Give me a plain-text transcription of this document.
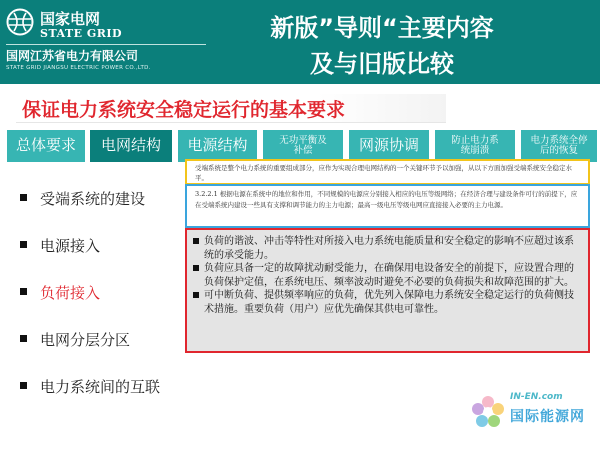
国家电网
STATE GRID
国网江苏省电力有限公司
STATE GRID JIANGSU ELECTRIC POWER CO.,LTD.
新版”导则“主要内容
及与旧版比较
保证电力系统安全稳定运行的基本要求
总体要求	电网结构	电源结构	无功平衡及补偿	网源协调	防止电力系统崩溃
电力系统全停后的恢复
受端系统的建设
电源接入
负荷接入
电网分层分区
电力系统间的互联
受端系统是整个电力系统的重要组成部分，应作为实现合理电网结构的一个关键环节予以加强，从以下方面加强受端系统安全稳定水平。
3.2.2.1 根据电源在系统中的地位和作用，不同规模的电源应分别接入相应的电压等级网络；在经济合理与建设条件可行的前提下，应在受端系统内建设一些具有支撑和调节能力的主力电源；最高一级电压等级电网应直接接入必要的主力电源。
负荷的谐波、冲击等特性对所接入电力系统电能质量和安全稳定的影响不应超过该系统的承受能力。
负荷应具备一定的故障扰动耐受能力，在确保用电设备安全的前提下，应设置合理的负荷保护定值，在系统电压、频率波动时避免不必要的负荷损失和故障范围的扩大。
可中断负荷、提供频率响应的负荷，优先列入保障电力系统安全稳定运行的负荷侧技术措施。重要负荷（用户）应优先确保其供电可靠性。
IN-EN.com
国际能源网
